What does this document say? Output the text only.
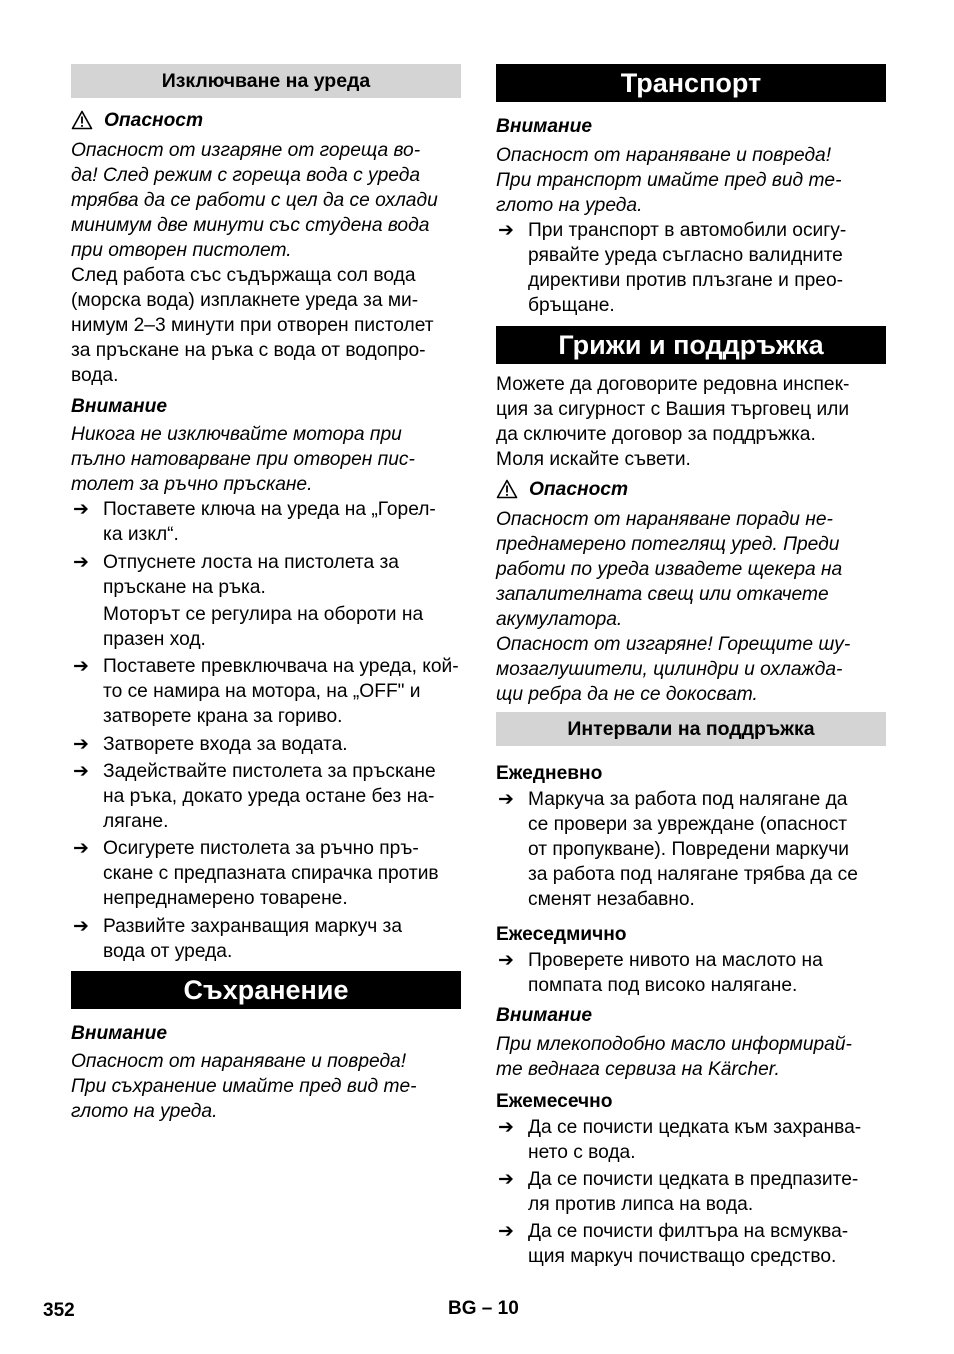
Изключване на уреда
Опасност
Опасност от изгаряне от гореща во-
да! След режим с гореща вода с уреда
трябва да се работи с цел да се охлади
минимум две минути със студена вода
при отворен пистолет.
След работа със съдържаща сол вода
(морска вода) изплакнете уреда за ми-
нимум 2–3 минути при отворен пистолет
за пръскане на ръка с вода от водопро-
вода.
Внимание
Никога не изключвайте мотора при
пълно натоварване при отворен пис-
толет за ръчно пръскане.
➔ Поставете ключа на уреда на „Горел-
ка изкл“.
➔ Отпуснете лоста на пистолета за
пръскане на ръка.
Моторът се регулира на обороти на
празен ход.
➔ Поставете превключвача на уреда, кой-
то се намира на мотора, на „OFF" и
затворете крана за гориво.
➔ Затворете входа за водата.
➔ Задействайте пистолета за пръскане
на ръка, докато уреда остане без на-
лягане.
➔ Осигурете пистолета за ръчно пръ-
скане с предпазната спирачка против
непреднамерено товарене.
➔ Развийте захранващия маркуч за
вода от уреда.
Съхранение
Внимание
Опасност от нараняване и повреда!
При съхранение имайте пред вид те-
глото на уреда.
Транспорт
Внимание
Опасност от нараняване и повреда!
При транспорт имайте пред вид те-
глото на уреда.
➔ При транспорт в автомобили осигу-
рявайте уреда съгласно валидните
директиви против плъзгане и прео-
бръщане.
Грижи и поддръжка
Можете да договорите редовна инспек-
ция за сигурност с Вашия търговец или
да сключите договор за поддръжка.
Моля искайте съвети.
Опасност
Опасност от нараняване поради не-
преднамерено потеглящ уред. Преди
работи по уреда извадете щекера на
запалителната свещ или откачете
акумулатора.
Опасност от изгаряне! Горещите шу-
мозаглушители, цилиндри и охлажда-
щи ребра да не се докосват.
Интервали на поддръжка
Ежедневно
➔ Маркуча за работа под налягане да
се провери за увреждане (опасност
от пропукване). Повредени маркучи
за работа под налягане трябва да се
сменят незабавно.
Ежеседмично
➔ Проверете нивото на маслото на
помпата под високо налягане.
Внимание
При млекоподобно масло информирай-
те веднага сервиза на Kärcher.
Ежемесечно
➔ Да се почисти цедката към захранва-
нето с вода.
➔ Да се почисти цедката в предпазите-
ля против липса на вода.
➔ Да се почисти филтъра на всмуква-
щия маркуч почистващо средство.
352	BG – 10
